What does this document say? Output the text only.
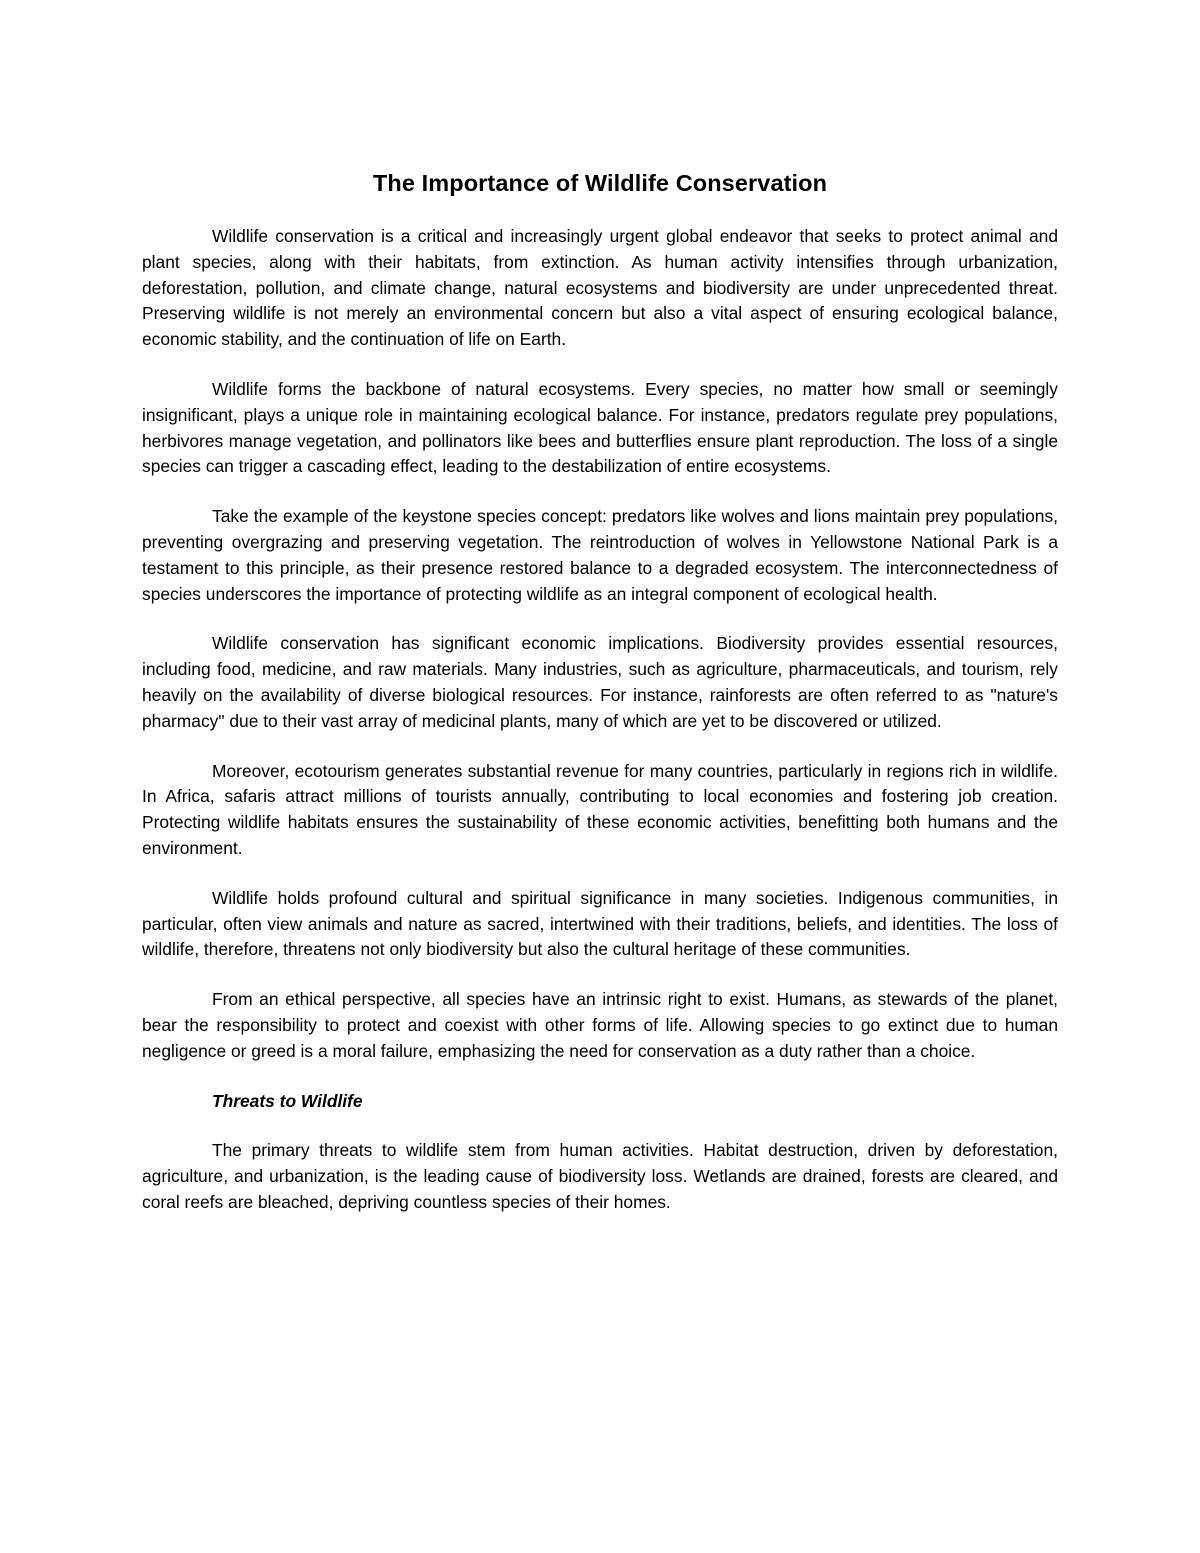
The Importance of Wildlife Conservation

Wildlife conservation is a critical and increasingly urgent global endeavor that seeks to protect animal and plant species, along with their habitats, from extinction. As human activity intensifies through urbanization, deforestation, pollution, and climate change, natural ecosystems and biodiversity are under unprecedented threat. Preserving wildlife is not merely an environmental concern but also a vital aspect of ensuring ecological balance, economic stability, and the continuation of life on Earth.

Wildlife forms the backbone of natural ecosystems. Every species, no matter how small or seemingly insignificant, plays a unique role in maintaining ecological balance. For instance, predators regulate prey populations, herbivores manage vegetation, and pollinators like bees and butterflies ensure plant reproduction. The loss of a single species can trigger a cascading effect, leading to the destabilization of entire ecosystems.

Take the example of the keystone species concept: predators like wolves and lions maintain prey populations, preventing overgrazing and preserving vegetation. The reintroduction of wolves in Yellowstone National Park is a testament to this principle, as their presence restored balance to a degraded ecosystem. The interconnectedness of species underscores the importance of protecting wildlife as an integral component of ecological health.

Wildlife conservation has significant economic implications. Biodiversity provides essential resources, including food, medicine, and raw materials. Many industries, such as agriculture, pharmaceuticals, and tourism, rely heavily on the availability of diverse biological resources. For instance, rainforests are often referred to as "nature's pharmacy" due to their vast array of medicinal plants, many of which are yet to be discovered or utilized.

Moreover, ecotourism generates substantial revenue for many countries, particularly in regions rich in wildlife. In Africa, safaris attract millions of tourists annually, contributing to local economies and fostering job creation. Protecting wildlife habitats ensures the sustainability of these economic activities, benefitting both humans and the environment.

Wildlife holds profound cultural and spiritual significance in many societies. Indigenous communities, in particular, often view animals and nature as sacred, intertwined with their traditions, beliefs, and identities. The loss of wildlife, therefore, threatens not only biodiversity but also the cultural heritage of these communities.

From an ethical perspective, all species have an intrinsic right to exist. Humans, as stewards of the planet, bear the responsibility to protect and coexist with other forms of life. Allowing species to go extinct due to human negligence or greed is a moral failure, emphasizing the need for conservation as a duty rather than a choice.

Threats to Wildlife

The primary threats to wildlife stem from human activities. Habitat destruction, driven by deforestation, agriculture, and urbanization, is the leading cause of biodiversity loss. Wetlands are drained, forests are cleared, and coral reefs are bleached, depriving countless species of their homes.
